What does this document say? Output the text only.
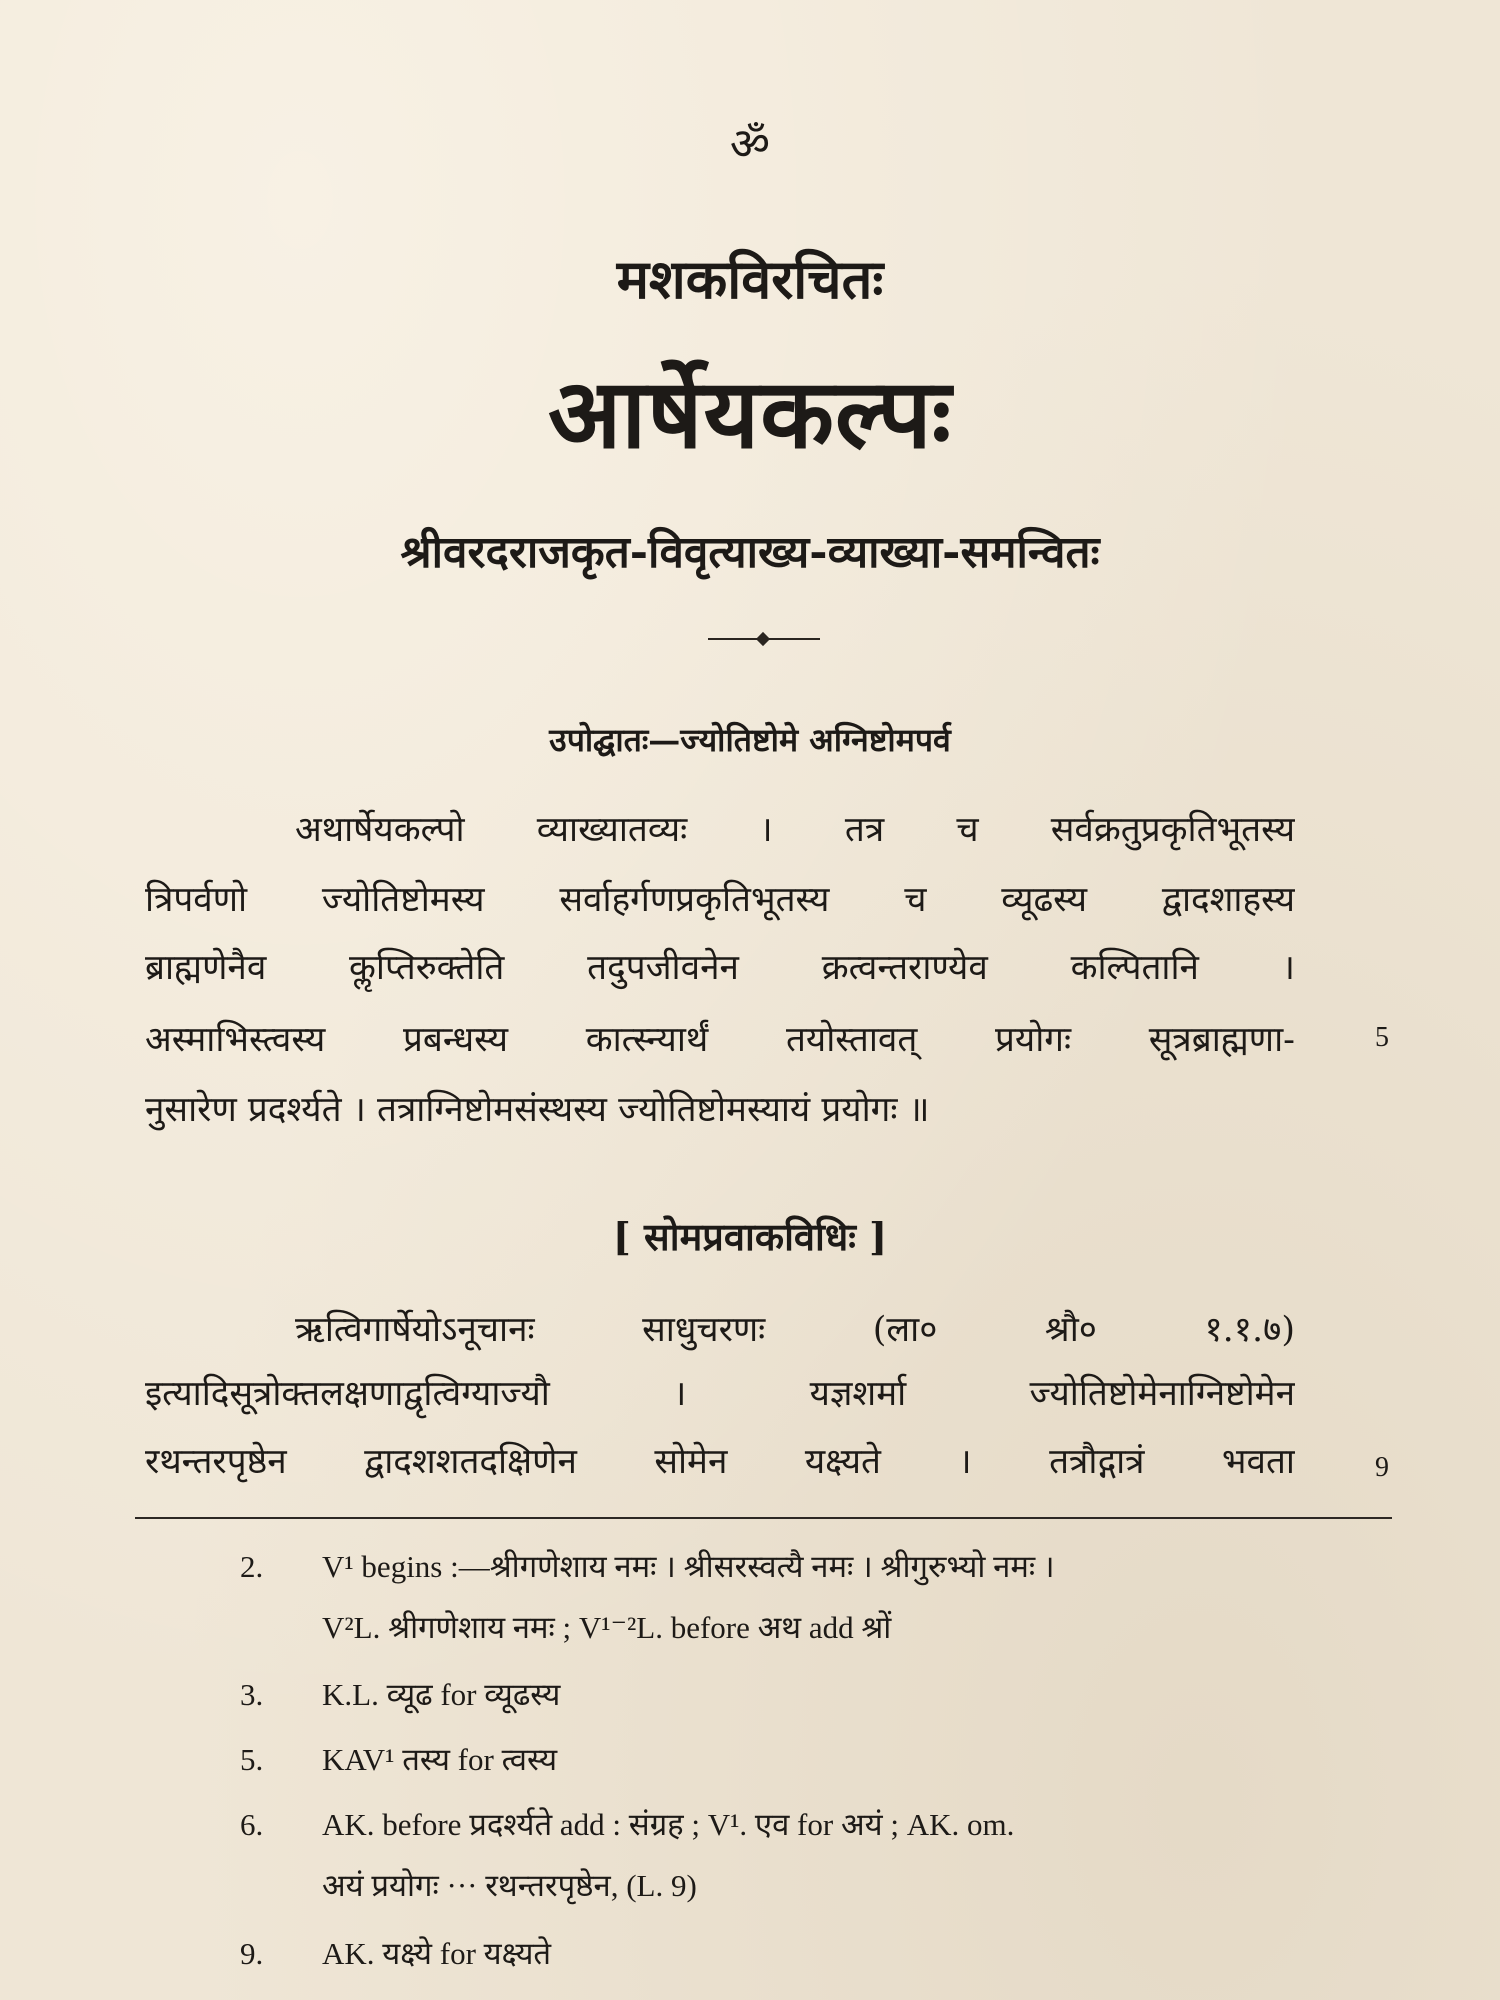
ॐ
मशकविरचितः
आर्षेयकल्पः
श्रीवरदराजकृत-विवृत्याख्य-व्याख्या-समन्वितः
उपोद्घातः—ज्योतिष्टोमे अग्निष्टोमपर्व
अथार्षेयकल्पो व्याख्यातव्यः । तत्र च सर्वक्रतुप्रकृतिभूतस्य
त्रिपर्वणो ज्योतिष्टोमस्य सर्वाहर्गणप्रकृतिभूतस्य च व्यूढस्य द्वादशाहस्य
ब्राह्मणेनैव कॢप्तिरुक्तेति तदुपजीवनेन क्रत्वन्तराण्येव कल्पितानि ।
अस्माभिस्त्वस्य प्रबन्धस्य कात्स्न्यार्थं तयोस्तावत् प्रयोगः सूत्रब्राह्मणा-
नुसारेण प्रदर्श्यते । तत्राग्निष्टोमसंस्थस्य ज्योतिष्टोमस्यायं प्रयोगः ॥
5
[ सोमप्रवाकविधिः ]
ऋत्विगार्षेयोऽनूचानः साधुचरणः (ला० श्रौ० १.१.७)
इत्यादिसूत्रोक्तलक्षणाद्वृत्विग्याज्यौ । यज्ञशर्मा ज्योतिष्टोमेनाग्निष्टोमेन
रथन्तरपृष्ठेन द्वादशशतदक्षिणेन सोमेन यक्ष्यते । तत्रौद्गात्रं भवता	9
2. V¹ begins :—श्रीगणेशाय नमः । श्रीसरस्वत्यै नमः । श्रीगुरुभ्यो नमः ।
V²L. श्रीगणेशाय नमः ; V¹⁻²L. before अथ add श्रों
3. K.L. व्यूढ for व्यूढस्य
5. KAV¹ तस्य for त्वस्य
6. AK. before प्रदर्श्यते add : संग्रह ; V¹. एव for अयं ; AK. om.
अयं प्रयोगः ··· रथन्तरपृष्ठेन, (L. 9)
9. AK. यक्ष्ये for यक्ष्यते
